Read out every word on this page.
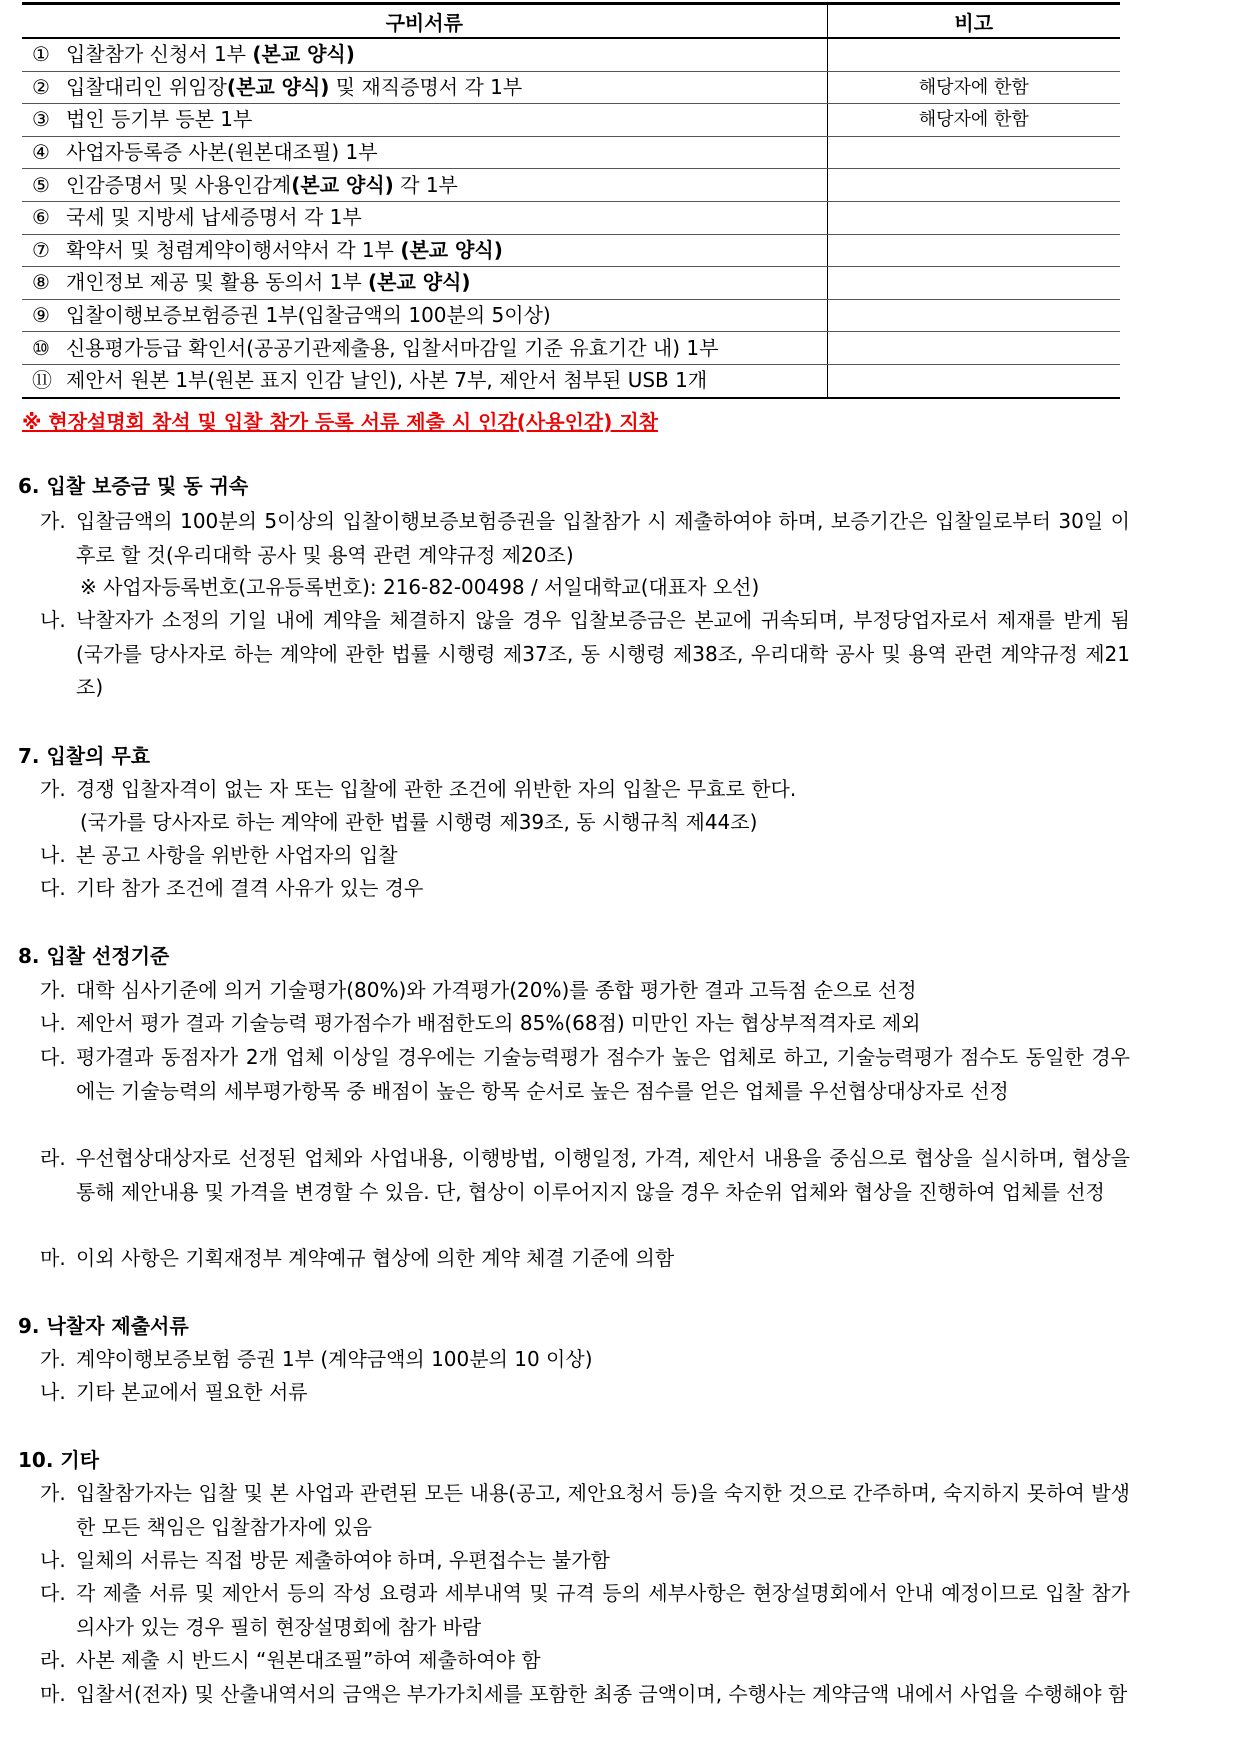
구비서류	비고
① 입찰참가 신청서 1부 (본교 양식)	
② 입찰대리인 위임장(본교 양식) 및 재직증명서 각 1부	해당자에 한함
③ 법인 등기부 등본 1부	해당자에 한함
④ 사업자등록증 사본(원본대조필) 1부	
⑤ 인감증명서 및 사용인감계(본교 양식) 각 1부	
⑥ 국세 및 지방세 납세증명서 각 1부	
⑦ 확약서 및 청렴계약이행서약서 각 1부 (본교 양식)	
⑧ 개인정보 제공 및 활용 동의서 1부 (본교 양식)	
⑨ 입찰이행보증보험증권 1부(입찰금액의 100분의 5이상)	
⑩ 신용평가등급 확인서(공공기관제출용, 입찰서마감일 기준 유효기간 내) 1부	
⑪ 제안서 원본 1부(원본 표지 인감 날인), 사본 7부, 제안서 첨부된 USB 1개	
※ 현장설명회 참석 및 입찰 참가 등록 서류 제출 시 인감(사용인감) 지참
6. 입찰 보증금 및 동 귀속
가. 입찰금액의 100분의 5이상의 입찰이행보증보험증권을 입찰참가 시 제출하여야 하며, 보증기간은 입찰일로부터 30일 이후로 할 것(우리대학 공사 및 용역 관련 계약규정 제20조)
※ 사업자등록번호(고유등록번호): 216-82-00498 / 서일대학교(대표자 오선)
나. 낙찰자가 소정의 기일 내에 계약을 체결하지 않을 경우 입찰보증금은 본교에 귀속되며, 부정당업자로서 제재를 받게 됨 (국가를 당사자로 하는 계약에 관한 법률 시행령 제37조, 동 시행령 제38조, 우리대학 공사 및 용역 관련 계약규정 제21조)
7. 입찰의 무효
가. 경쟁 입찰자격이 없는 자 또는 입찰에 관한 조건에 위반한 자의 입찰은 무효로 한다.
(국가를 당사자로 하는 계약에 관한 법률 시행령 제39조, 동 시행규칙 제44조)
나. 본 공고 사항을 위반한 사업자의 입찰
다. 기타 참가 조건에 결격 사유가 있는 경우
8. 입찰 선정기준
가. 대학 심사기준에 의거 기술평가(80%)와 가격평가(20%)를 종합 평가한 결과 고득점 순으로 선정
나. 제안서 평가 결과 기술능력 평가점수가 배점한도의 85%(68점) 미만인 자는 협상부적격자로 제외
다. 평가결과 동점자가 2개 업체 이상일 경우에는 기술능력평가 점수가 높은 업체로 하고, 기술능력평가 점수도 동일한 경우에는 기술능력의 세부평가항목 중 배점이 높은 항목 순서로 높은 점수를 얻은 업체를 우선협상대상자로 선정
라. 우선협상대상자로 선정된 업체와 사업내용, 이행방법, 이행일정, 가격, 제안서 내용을 중심으로 협상을 실시하며, 협상을 통해 제안내용 및 가격을 변경할 수 있음. 단, 협상이 이루어지지 않을 경우 차순위 업체와 협상을 진행하여 업체를 선정
마. 이외 사항은 기획재정부 계약예규 협상에 의한 계약 체결 기준에 의함
9. 낙찰자 제출서류
가. 계약이행보증보험 증권 1부 (계약금액의 100분의 10 이상)
나. 기타 본교에서 필요한 서류
10. 기타
가. 입찰참가자는 입찰 및 본 사업과 관련된 모든 내용(공고, 제안요청서 등)을 숙지한 것으로 간주하며, 숙지하지 못하여 발생한 모든 책임은 입찰참가자에 있음
나. 일체의 서류는 직접 방문 제출하여야 하며, 우편접수는 불가함
다. 각 제출 서류 및 제안서 등의 작성 요령과 세부내역 및 규격 등의 세부사항은 현장설명회에서 안내 예정이므로 입찰 참가의사가 있는 경우 필히 현장설명회에 참가 바람
라. 사본 제출 시 반드시 “원본대조필”하여 제출하여야 함
마. 입찰서(전자) 및 산출내역서의 금액은 부가가치세를 포함한 최종 금액이며, 수행사는 계약금액 내에서 사업을 수행해야 함
